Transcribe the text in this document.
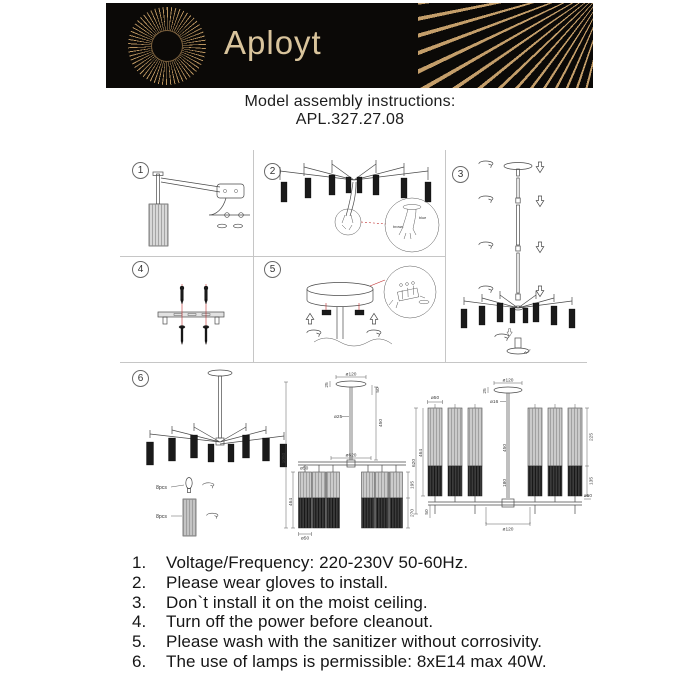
Aployt
Model assembly instructions:
APL.327.27.08
1	2	3
4	5
6
blue
brown
8pcs
8pcs
ø120
25
50
ø25
450
ø620
ø50
1050
464
195
270
ø50
ø120
25
ø16
450
180
ø50
620
464
225
135
ø50
ø120
50
1.	Voltage/Frequency: 220-230V 50-60Hz.
2.	Please wear gloves to install.
3.	Don`t install it on the moist ceiling.
4.	Turn off the power before cleanout.
5.	Please wash with the sanitizer without corrosivity.
6.	The use of lamps is permissible: 8xE14 max 40W.
